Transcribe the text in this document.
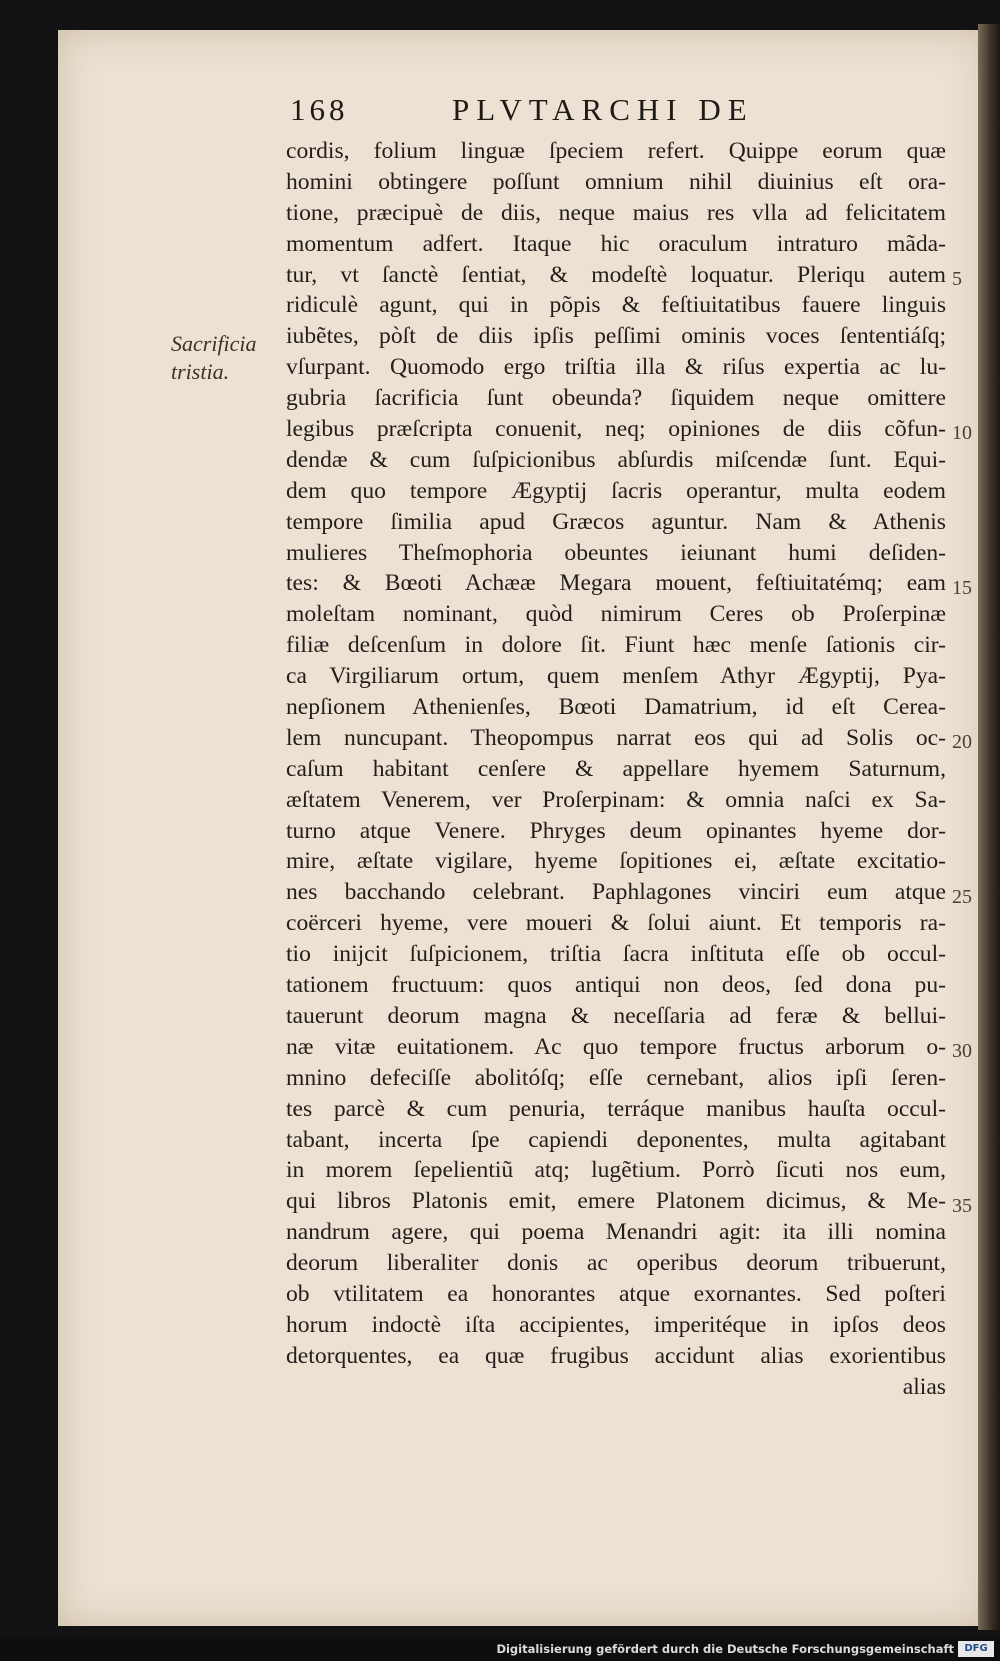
168	PLVTARCHI DE
Sacrificia
tristia.
cordis, folium linguæ ſpeciem refert. Quippe eorum quæ
homini obtingere poſſunt omnium nihil diuinius eſt ora-
tione, præcipuè de diis, neque maius res vlla ad felicitatem
momentum adfert. Itaque hic oraculum intraturo mãda-
tur, vt ſanctè ſentiat, & modeſtè loquatur. Pleriqu autem
ridiculè agunt, qui in põpis & feſtiuitatibus fauere linguis
iubẽtes, pòſt de diis ipſis peſſimi ominis voces ſententiáſq;
vſurpant. Quomodo ergo triſtia illa & riſus expertia ac lu-
gubria ſacrificia ſunt obeunda? ſiquidem neque omittere
legibus præſcripta conuenit, neq; opiniones de diis cõfun-
dendæ & cum ſuſpicionibus abſurdis miſcendæ ſunt. Equi-
dem quo tempore Ægyptij ſacris operantur, multa eodem
tempore ſimilia apud Græcos aguntur. Nam & Athenis
mulieres Theſmophoria obeuntes ieiunant humi deſiden-
tes: & Bœoti Achææ Megara mouent, feſtiuitatémq; eam
moleſtam nominant, quòd nimirum Ceres ob Proſerpinæ
filiæ deſcenſum in dolore ſit. Fiunt hæc menſe ſationis cir-
ca Virgiliarum ortum, quem menſem Athyr Ægyptij, Pya-
nepſionem Athenienſes, Bœoti Damatrium, id eſt Cerea-
lem nuncupant. Theopompus narrat eos qui ad Solis oc-
caſum habitant cenſere & appellare hyemem Saturnum,
æſtatem Venerem, ver Proſerpinam: & omnia naſci ex Sa-
turno atque Venere. Phryges deum opinantes hyeme dor-
mire, æſtate vigilare, hyeme ſopitiones ei, æſtate excitatio-
nes bacchando celebrant. Paphlagones vinciri eum atque
coërceri hyeme, vere moueri & ſolui aiunt. Et temporis ra-
tio inijcit ſuſpicionem, triſtia ſacra inſtituta eſſe ob occul-
tationem fructuum: quos antiqui non deos, ſed dona pu-
tauerunt deorum magna & neceſſaria ad feræ & bellui-
næ vitæ euitationem. Ac quo tempore fructus arborum o-
mnino defeciſſe abolitóſq; eſſe cernebant, alios ipſi ſeren-
tes parcè & cum penuria, terráque manibus hauſta occul-
tabant, incerta ſpe capiendi deponentes, multa agitabant
in morem ſepelientiũ atq; lugẽtium. Porrò ſicuti nos eum,
qui libros Platonis emit, emere Platonem dicimus, & Me-
nandrum agere, qui poema Menandri agit: ita illi nomina
deorum liberaliter donis ac operibus deorum tribuerunt,
ob vtilitatem ea honorantes atque exornantes. Sed poſteri
horum indoctè iſta accipientes, imperitéque in ipſos deos
detorquentes, ea quæ frugibus accidunt alias exorientibus
alias
5
10
15
20
25
30
35
Digitalisierung gefördert durch die Deutsche Forschungsgemeinschaft	DFG
